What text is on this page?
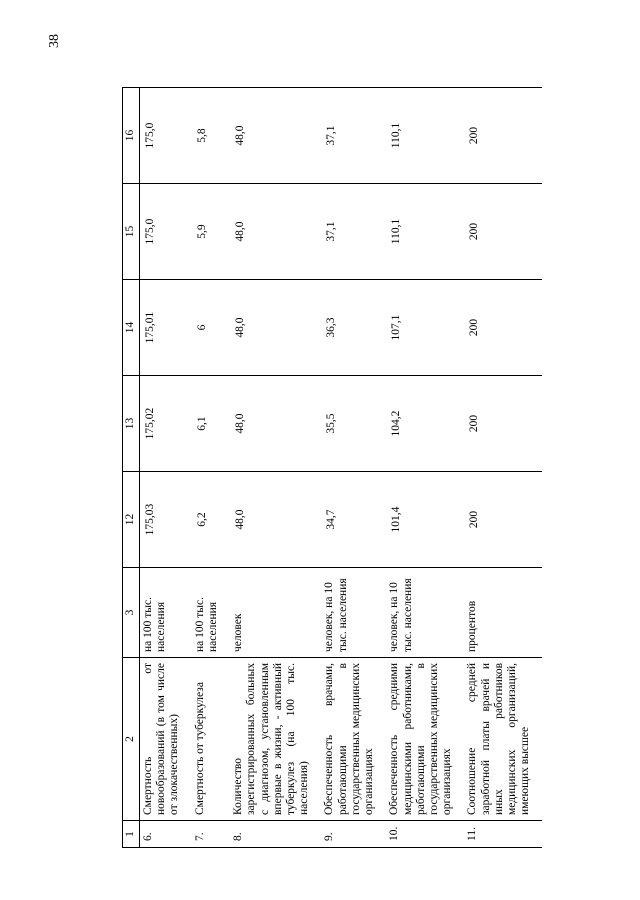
38
1	2	3	12	13	14	15	16
6.	Смертность от новообразований (в том числе от злокачественных)	на 100 тыс. населения	175,03	175,02	175,01	175,0	175,0
7.	Смертность от туберкулеза	на 100 тыс. населения	6,2	6,1	6	5,9	5,8
8.	Количество зарегистрированных больных с диагнозом, установленным впервые в жизни, - активный туберкулез (на 100 тыс. населения)	человек	48,0	48,0	48,0	48,0	48,0
9.	Обеспеченность врачами, работающими в государственных медицинских организациях	человек, на 10 тыс. населения	34,7	35,5	36,3	37,1	37,1
10.	Обеспеченность средними медицинскими работниками, работающими в государственных медицинских организациях	человек, на 10 тыс. населения	101,4	104,2	107,1	110,1	110,1
11.	Соотношение средней заработной платы врачей и иных работников медицинских организаций, имеющих высшее	процентов	200	200	200	200	200
